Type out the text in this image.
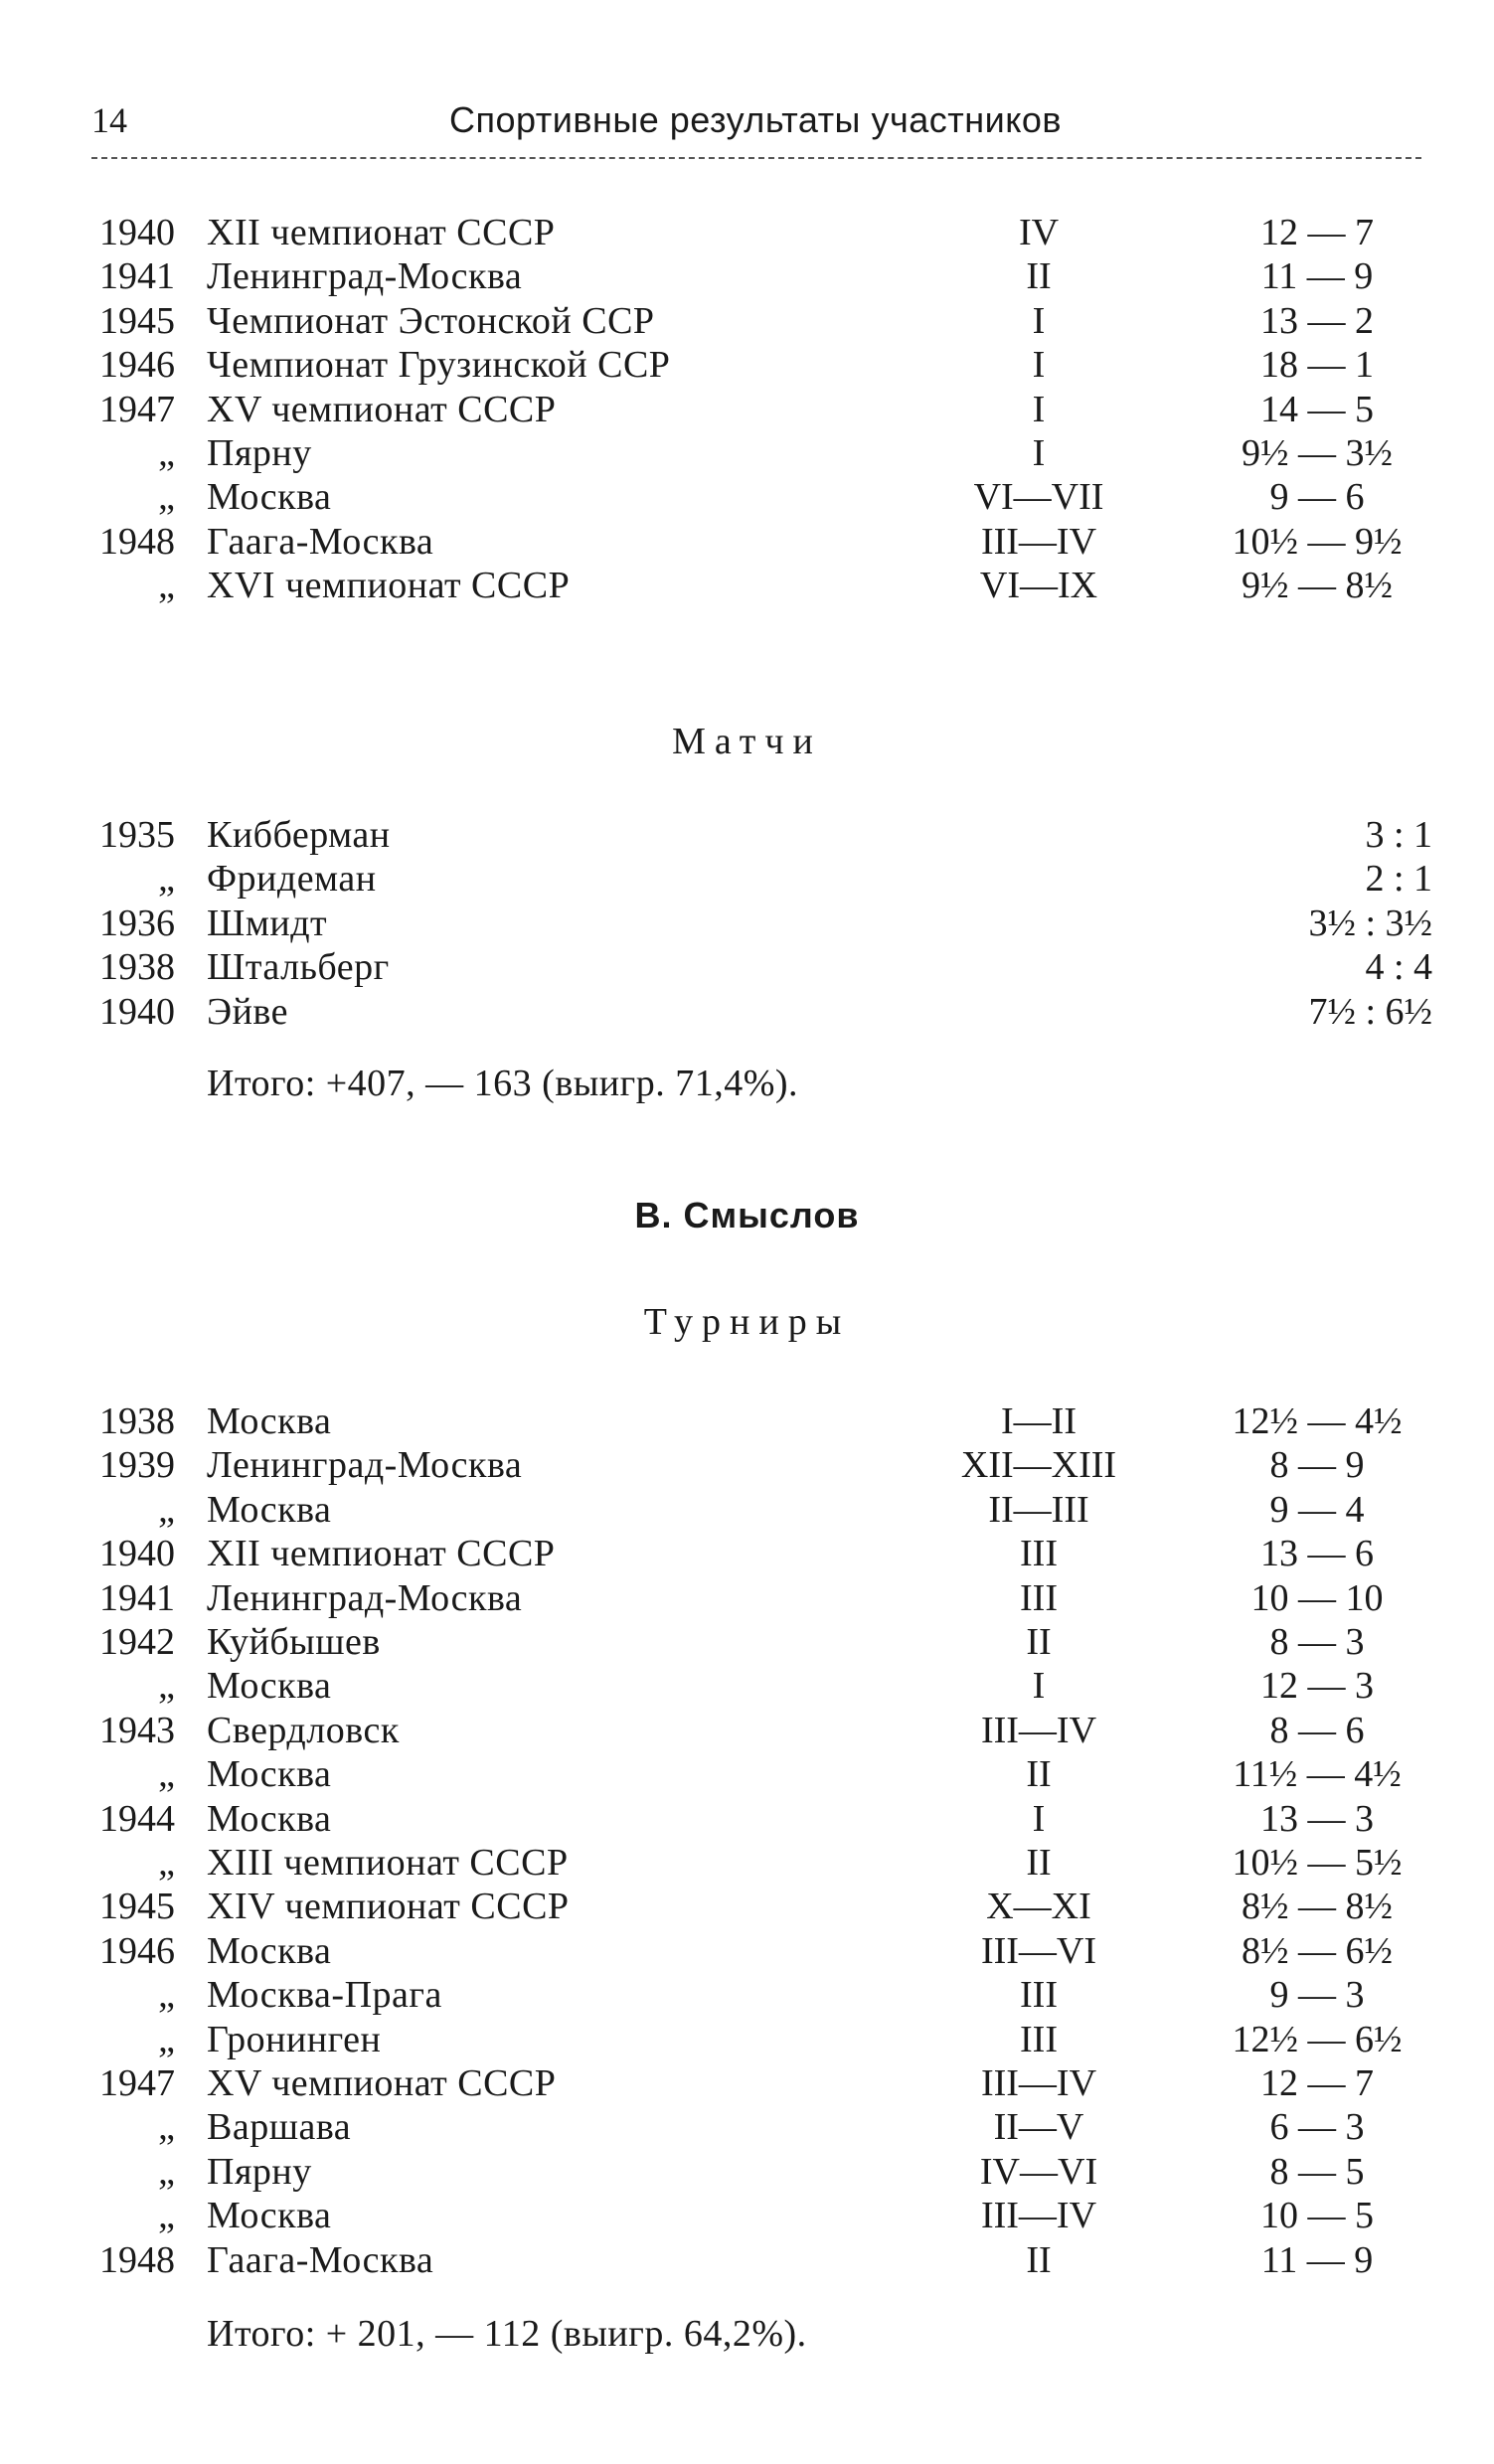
14	Спортивные результаты участников
1940 XII чемпионат СССР	IV	12 — 7
1941 Ленинград-Москва	II	11 — 9
1945 Чемпионат Эстонской ССР	I	13 — 2
1946 Чемпионат Грузинской ССР	I	18 — 1
1947 XV чемпионат СССР	I	14 — 5
„ Пярну	I	9½ — 3½
„ Москва	VI—VII	9 — 6
1948 Гаага-Москва	III—IV	10½ — 9½
„ XVI чемпионат СССР	VI—IX	9½ — 8½
Матчи
1935 Кибберман	3 : 1
„ Фридеман	2 : 1
1936 Шмидт	3½ : 3½
1938 Штальберг	4 : 4
1940 Эйве	7½ : 6½
Итого: +407, — 163 (выигр. 71,4%).
В. Смыслов
Турниры
1938 Москва	I—II	12½ — 4½
1939 Ленинград-Москва	XII—XIII	8 — 9
„ Москва	II—III	9 — 4
1940 XII чемпионат СССР	III	13 — 6
1941 Ленинград-Москва	III	10 — 10
1942 Куйбышев	II	8 — 3
„ Москва	I	12 — 3
1943 Свердловск	III—IV	8 — 6
„ Москва	II	11½ — 4½
1944 Москва	I	13 — 3
„ XIII чемпионат СССР	II	10½ — 5½
1945 XIV чемпионат СССР	X—XI	8½ — 8½
1946 Москва	III—VI	8½ — 6½
„ Москва-Прага	III	9 — 3
„ Гронинген	III	12½ — 6½
1947 XV чемпионат СССР	III—IV	12 — 7
„ Варшава	II—V	6 — 3
„ Пярну	IV—VI	8 — 5
„ Москва	III—IV	10 — 5
1948 Гаага-Москва	II	11 — 9
Итого: + 201, — 112 (выигр. 64,2%).
